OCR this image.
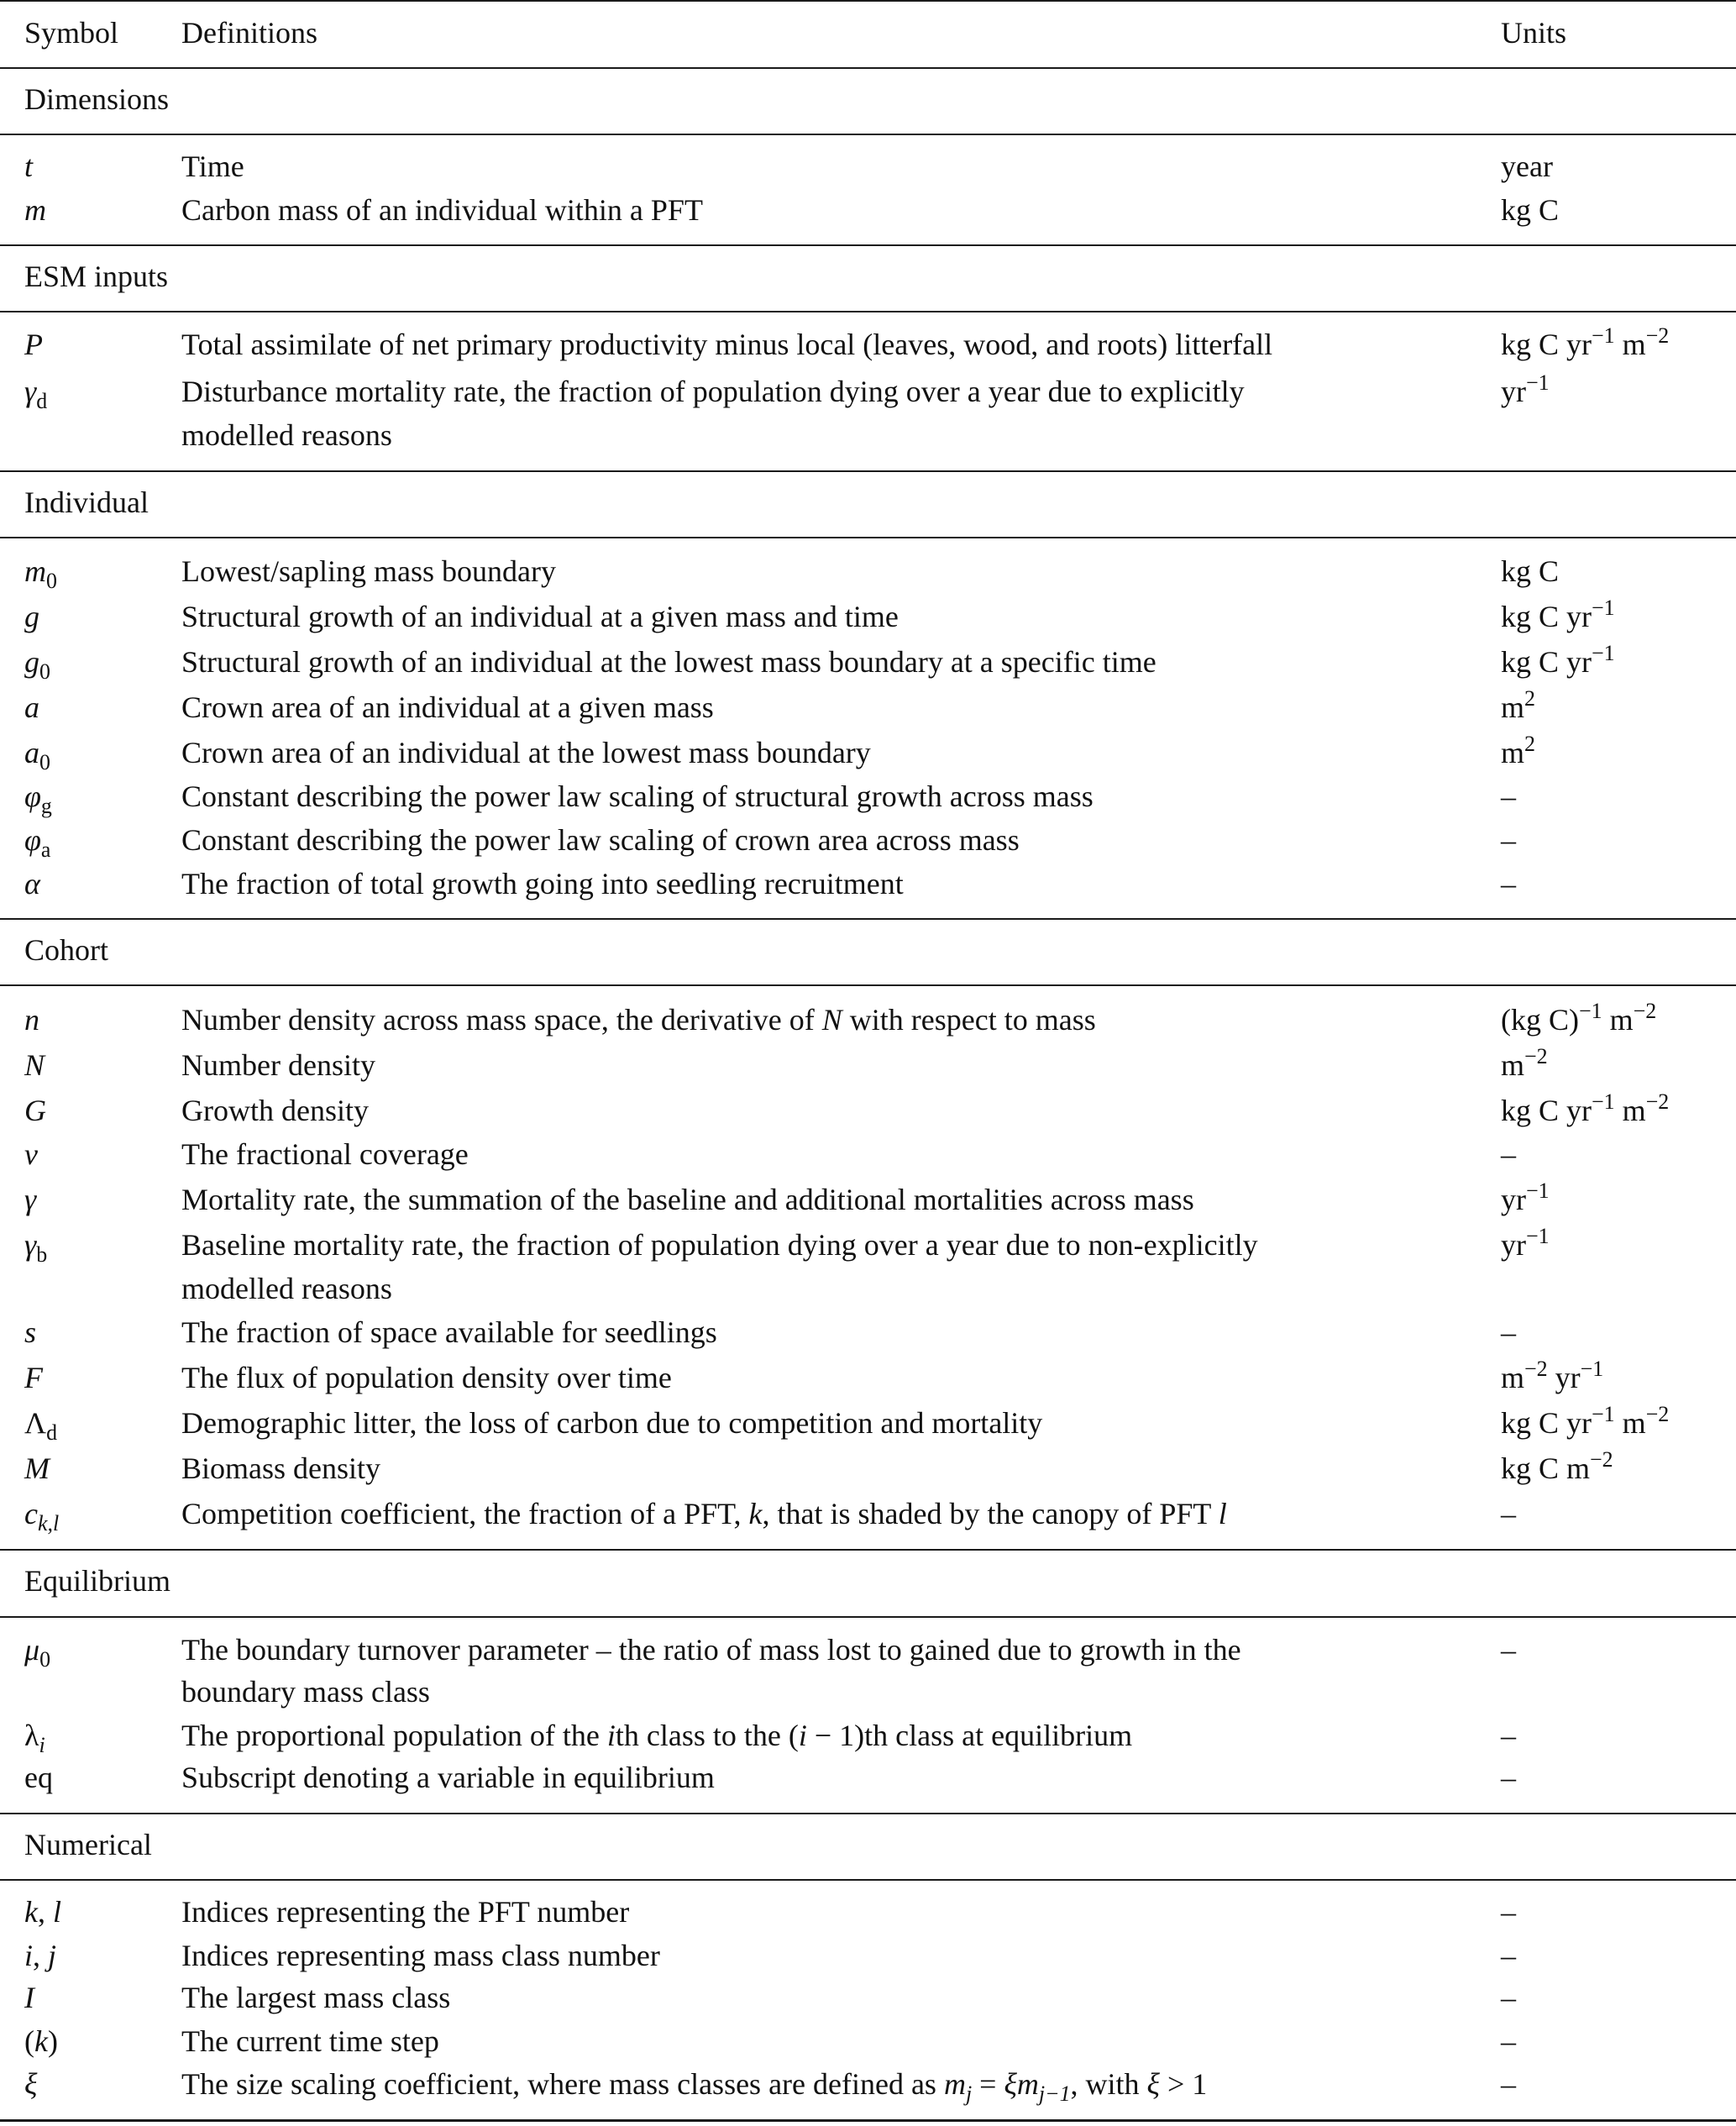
Symbol Definitions	Units
Dimensions
t	Time	year
m	Carbon mass of an individual within a PFT	kg C
ESM inputs
P	Total assimilate of net primary productivity minus local (leaves, wood, and roots) litterfall	kg C $yr^{-1}$ $m^{-2}$
$\gamma_d$	Disturbance mortality rate, the fraction of population dying over a year due to explicitly	$yr^{-1}$
modelled reasons
Individual
$m_0$	Lowest/sapling mass boundary	kg C
g	Structural growth of an individual at a given mass and time	kg C $yr^{-1}$
$g_0$	Structural growth of an individual at the lowest mass boundary at a specific time	kg C $yr^{-1}$
a	Crown area of an individual at a given mass	$m^2$
$a_0$	Crown area of an individual at the lowest mass boundary	$m^2$
$\varphi_g$	Constant describing the power law scaling of structural growth across mass	–
$\varphi_a$	Constant describing the power law scaling of crown area across mass	–
α	The fraction of total growth going into seedling recruitment	–
Cohort
n	Number density across mass space, the derivative of N with respect to mass	(kg C)$^{-1}$ $m^{-2}$
N	Number density	$m^{-2}$
G	Growth density	kg C $yr^{-1}$ $m^{-2}$
ν	The fractional coverage	–
γ	Mortality rate, the summation of the baseline and additional mortalities across mass	$yr^{-1}$
$\gamma_b$	Baseline mortality rate, the fraction of population dying over a year due to non-explicitly	$yr^{-1}$
modelled reasons
s	The fraction of space available for seedlings	–
F	The flux of population density over time	$m^{-2}$ $yr^{-1}$
$\Lambda_d$	Demographic litter, the loss of carbon due to competition and mortality	kg C $yr^{-1}$ $m^{-2}$
M	Biomass density	kg C $m^{-2}$
$c_{k,l}$	Competition coefficient, the fraction of a PFT, k, that is shaded by the canopy of PFT l	–
Equilibrium
$\mu_0$	The boundary turnover parameter – the ratio of mass lost to gained due to growth in the	–
boundary mass class
$\lambda_i$	The proportional population of the ith class to the (i − 1)th class at equilibrium	–
eq	Subscript denoting a variable in equilibrium	–
Numerical
k, l	Indices representing the PFT number	–
i, j	Indices representing mass class number	–
I	The largest mass class	–
(k)	The current time step	–
ξ	The size scaling coefficient, where mass classes are defined as $m_j = \xi m_{j-1}$, with ξ > 1	–
